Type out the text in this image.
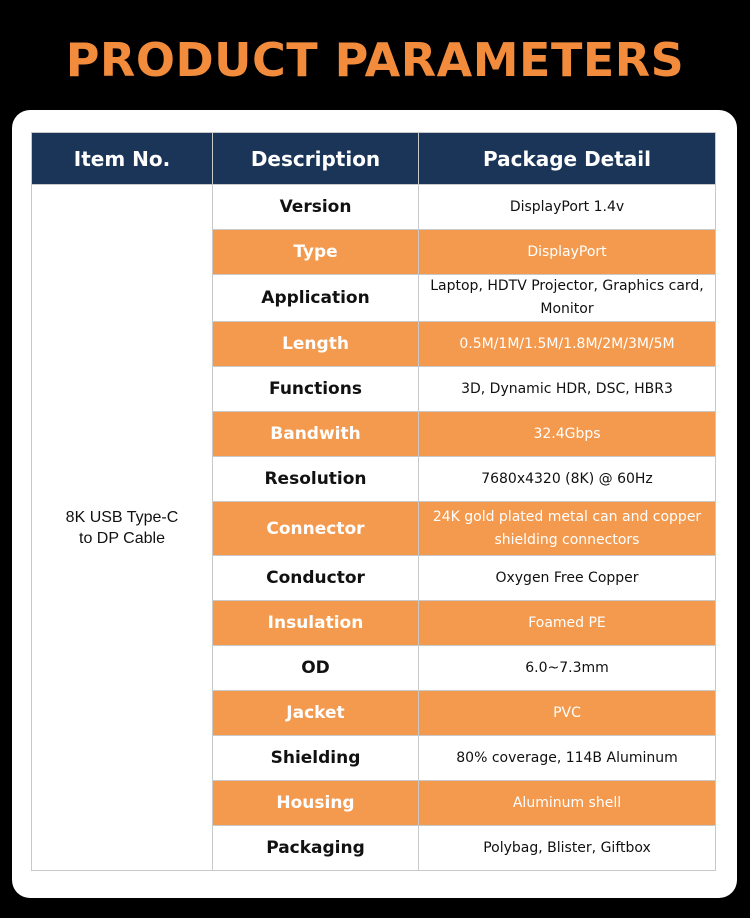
PRODUCT PARAMETERS
Item No.	Description	Package Detail

8K USB Type-C
to DP Cable	Version	DisplayPort 1.4v
	Type	DisplayPort
	Application	Laptop, HDTV Projector, Graphics card, Monitor
	Length	0.5M/1M/1.5M/1.8M/2M/3M/5M
	Functions	3D, Dynamic HDR, DSC, HBR3
	Bandwith	32.4Gbps
	Resolution	7680x4320 (8K) @ 60Hz
	Connector	24K gold plated metal can and copper shielding connectors
	Conductor	Oxygen Free Copper
	Insulation	Foamed PE
	OD	6.0~7.3mm
	Jacket	PVC
	Shielding	80% coverage, 114B Aluminum
	Housing	Aluminum shell
	Packaging	Polybag, Blister, Giftbox
